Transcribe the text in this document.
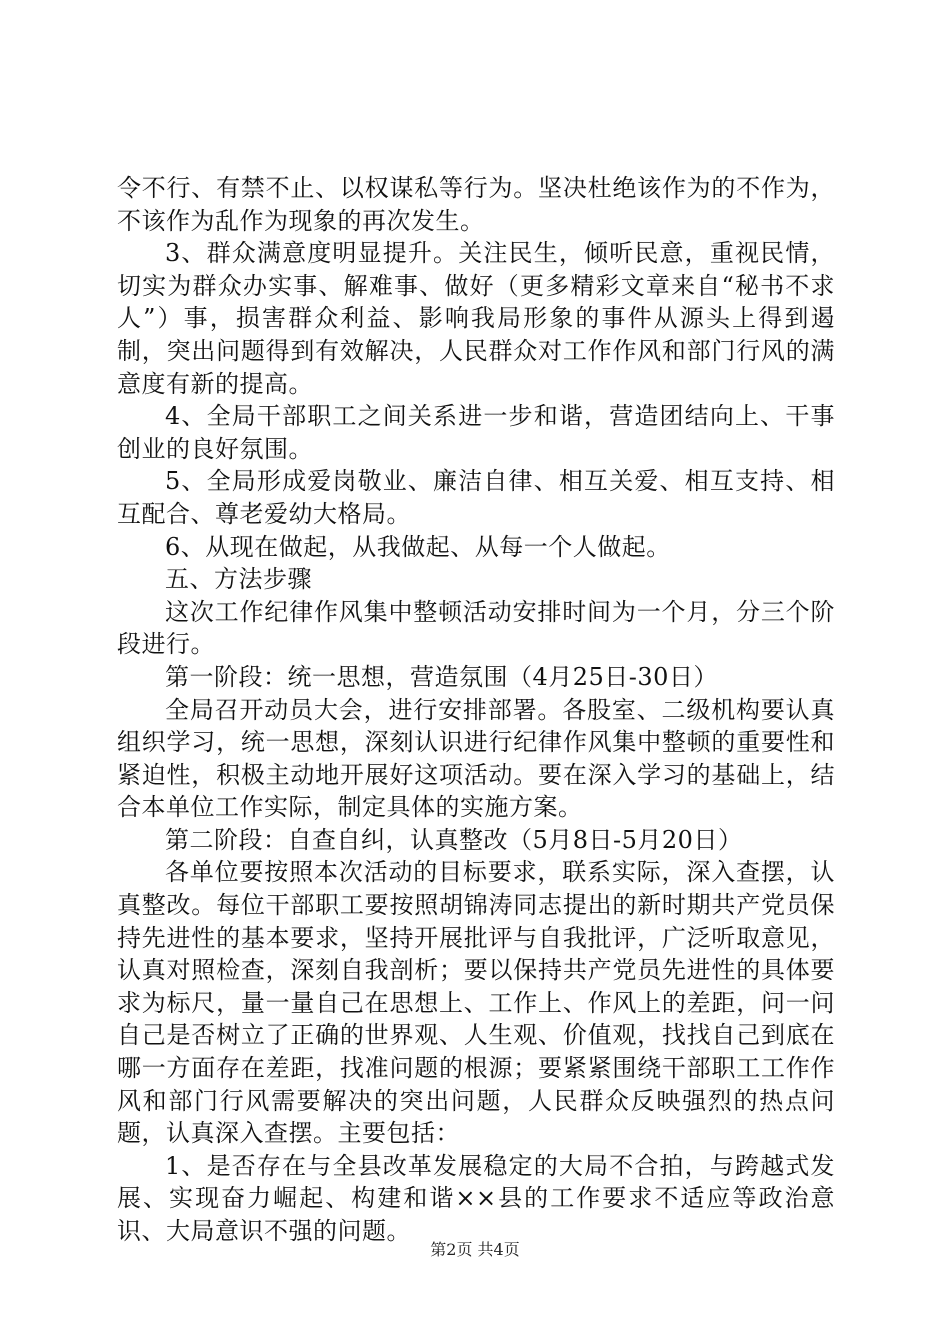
令不行、有禁不止、以权谋私等行为。坚决杜绝该作为的不作为，不该作为乱作为现象的再次发生。

3、群众满意度明显提升。关注民生，倾听民意，重视民情，切实为群众办实事、解难事、做好（更多精彩文章来自“秘书不求人”）事，损害群众利益、影响我局形象的事件从源头上得到遏制，突出问题得到有效解决，人民群众对工作作风和部门行风的满意度有新的提高。

4、全局干部职工之间关系进一步和谐，营造团结向上、干事创业的良好氛围。

5、全局形成爱岗敬业、廉洁自律、相互关爱、相互支持、相互配合、尊老爱幼大格局。

6、从现在做起，从我做起、从每一个人做起。

五、方法步骤

这次工作纪律作风集中整顿活动安排时间为一个月，分三个阶段进行。

第一阶段：统一思想，营造氛围（4月25日-30日）

全局召开动员大会，进行安排部署。各股室、二级机构要认真组织学习，统一思想，深刻认识进行纪律作风集中整顿的重要性和紧迫性，积极主动地开展好这项活动。要在深入学习的基础上，结合本单位工作实际，制定具体的实施方案。

第二阶段：自查自纠，认真整改（5月8日-5月20日）

各单位要按照本次活动的目标要求，联系实际，深入查摆，认真整改。每位干部职工要按照胡锦涛同志提出的新时期共产党员保持先进性的基本要求，坚持开展批评与自我批评，广泛听取意见，认真对照检查，深刻自我剖析；要以保持共产党员先进性的具体要求为标尺，量一量自己在思想上、工作上、作风上的差距，问一问自己是否树立了正确的世界观、人生观、价值观，找找自己到底在哪一方面存在差距，找准问题的根源；要紧紧围绕干部职工工作作风和部门行风需要解决的突出问题，人民群众反映强烈的热点问题，认真深入查摆。主要包括：

1、是否存在与全县改革发展稳定的大局不合拍，与跨越式发展、实现奋力崛起、构建和谐××县的工作要求不适应等政治意识、大局意识不强的问题。

第2页 共4页
